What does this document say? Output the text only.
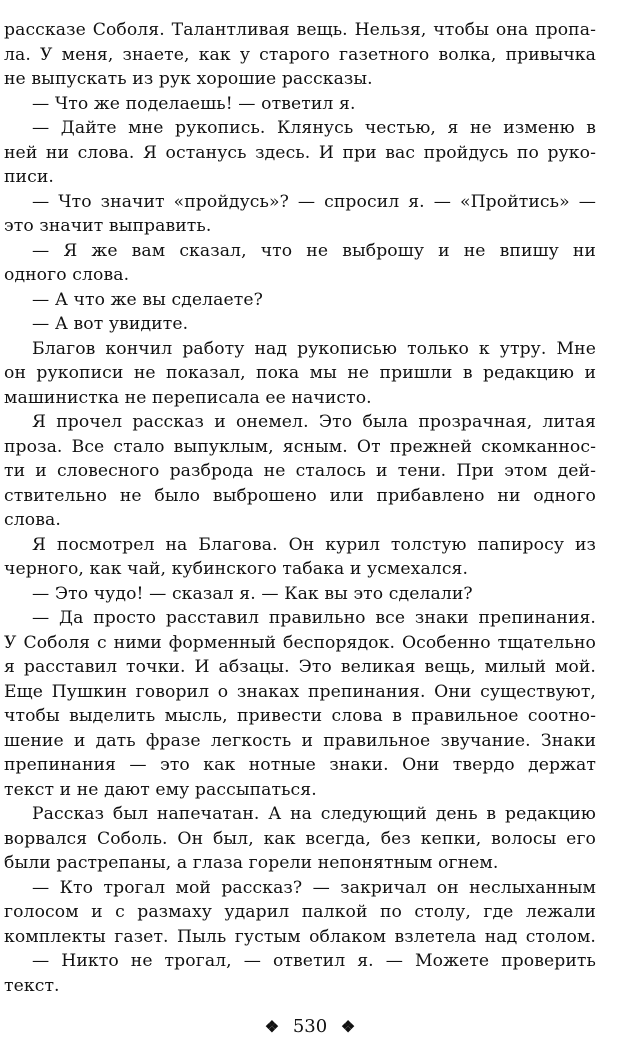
рассказе Соболя. Талантливая вещь. Нельзя, чтобы она пропа-
ла. У меня, знаете, как у старого газетного волка, привычка
не выпускать из рук хорошие рассказы.
— Что же поделаешь! — ответил я.
— Дайте мне рукопись. Клянусь честью, я не изменю в
ней ни слова. Я останусь здесь. И при вас пройдусь по руко-
писи.
— Что значит «пройдусь»? — спросил я. — «Пройтись» —
это значит выправить.
— Я же вам сказал, что не выброшу и не впишу ни
одного слова.
— А что же вы сделаете?
— А вот увидите.
Благов кончил работу над рукописью только к утру. Мне
он рукописи не показал, пока мы не пришли в редакцию и
машинистка не переписала ее начисто.
Я прочел рассказ и онемел. Это была прозрачная, литая
проза. Все стало выпуклым, ясным. От прежней скомканнос-
ти и словесного разброда не сталось и тени. При этом дей-
ствительно не было выброшено или прибавлено ни одного
слова.
Я посмотрел на Благова. Он курил толстую папиросу из
черного, как чай, кубинского табака и усмехался.
— Это чудо! — сказал я. — Как вы это сделали?
— Да просто расставил правильно все знаки препинания.
У Соболя с ними форменный беспорядок. Особенно тщательно
я расставил точки. И абзацы. Это великая вещь, милый мой.
Еще Пушкин говорил о знаках препинания. Они существуют,
чтобы выделить мысль, привести слова в правильное соотно-
шение и дать фразе легкость и правильное звучание. Знаки
препинания — это как нотные знаки. Они твердо держат
текст и не дают ему рассыпаться.
Рассказ был напечатан. А на следующий день в редакцию
ворвался Соболь. Он был, как всегда, без кепки, волосы его
были растрепаны, а глаза горели непонятным огнем.
— Кто трогал мой рассказ? — закричал он неслыханным
голосом и с размаху ударил палкой по столу, где лежали
комплекты газет. Пыль густым облаком взлетела над столом.
— Никто не трогал, — ответил я. — Можете проверить
текст.
❖ 530 ❖
